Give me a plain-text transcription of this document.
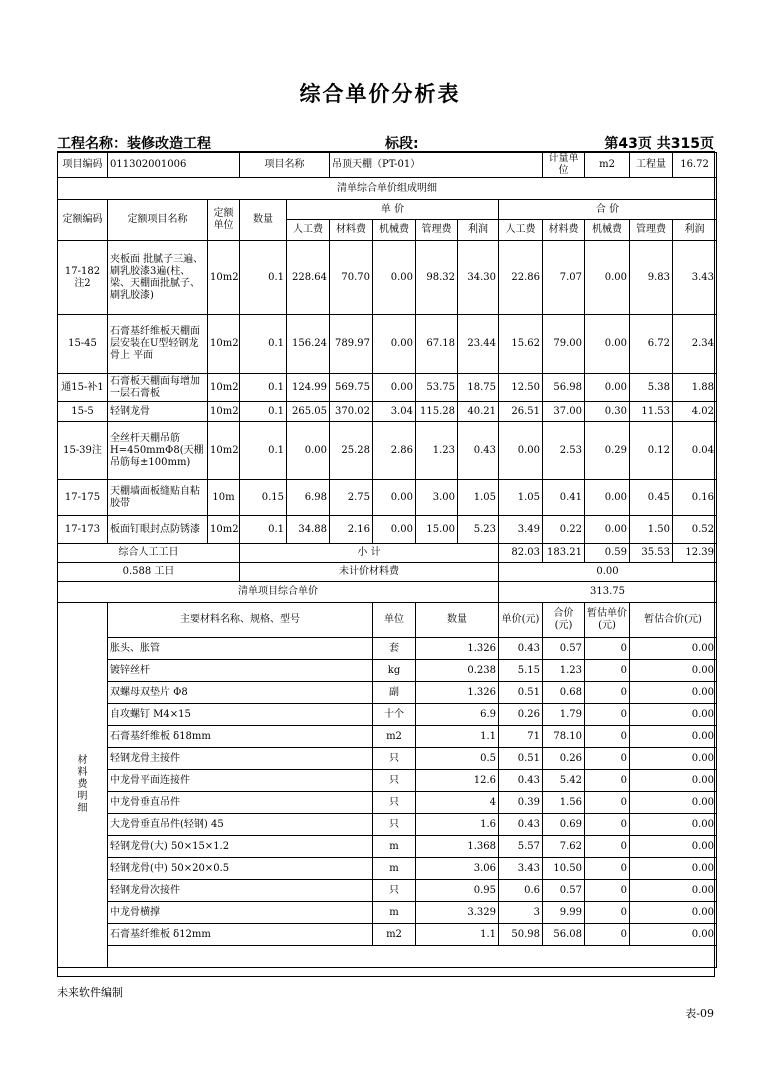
综合单价分析表
工程名称：装修改造工程	标段:	第43页 共315页
项目编码	011302001006		项目名称		吊顶天棚（PT-01）					计量单位	m2	工程量	16.72
清单综合单价组成明细													
定额编码	定额项目名称	定额单位	数量	单 价					合 价				
				人工费	材料费	机械费	管理费	利润	人工费	材料费	机械费	管理费	利润
17-182注2	夹板面 批腻子三遍、刷乳胶漆3遍(柱、梁、天棚面批腻子、刷乳胶漆)	10m2	0.1	228.64	70.70	0.00	98.32	34.30	22.86	7.07	0.00	9.83	3.43
15-45	石膏基纤维板天棚面层安装在U型轻钢龙骨上 平面	10m2	0.1	156.24	789.97	0.00	67.18	23.44	15.62	79.00	0.00	6.72	2.34
通15-补1	石膏板天棚面每增加一层石膏板	10m2	0.1	124.99	569.75	0.00	53.75	18.75	12.50	56.98	0.00	5.38	1.88
15-5	轻钢龙骨	10m2	0.1	265.05	370.02	3.04	115.28	40.21	26.51	37.00	0.30	11.53	4.02
15-39注	全丝杆天棚吊筋H=450mmΦ8(天棚吊筋每±100mm)	10m2	0.1	0.00	25.28	2.86	1.23	0.43	0.00	2.53	0.29	0.12	0.04
17-175	天棚墙面板缝贴自粘胶带	10m	0.15	6.98	2.75	0.00	3.00	1.05	1.05	0.41	0.00	0.45	0.16
17-173	板面钉眼封点防锈漆	10m2	0.1	34.88	2.16	0.00	15.00	5.23	3.49	0.22	0.00	1.50	0.52
综合人工工日			小 计						82.03	183.21	0.59	35.53	12.39
0.588 工日			未计价材料费						0.00				
清单项目综合单价									313.75				
材料费明细	主要材料名称、规格、型号					单位	数量		单价(元)	合价(元)	暂估单价(元)	暂估合价(元)	
	胀头、胀管					套	1.326		0.43	0.57	0	0.00	
	镀锌丝杆					kg	0.238		5.15	1.23	0	0.00	
	双螺母双垫片 Φ8					副	1.326		0.51	0.68	0	0.00	
	自攻螺钉 M4×15					十个	6.9		0.26	1.79	0	0.00	
	石膏基纤维板 δ18mm					m2	1.1		71	78.10	0	0.00	
	轻钢龙骨主接件					只	0.5		0.51	0.26	0	0.00	
	中龙骨平面连接件					只	12.6		0.43	5.42	0	0.00	
	中龙骨垂直吊件					只	4		0.39	1.56	0	0.00	
	大龙骨垂直吊件(轻钢) 45					只	1.6		0.43	0.69	0	0.00	
	轻钢龙骨(大) 50×15×1.2					m	1.368		5.57	7.62	0	0.00	
	轻钢龙骨(中) 50×20×0.5					m	3.06		3.43	10.50	0	0.00	
	轻钢龙骨次接件					只	0.95		0.6	0.57	0	0.00	
	中龙骨横撑					m	3.329		3	9.99	0	0.00	
	石膏基纤维板 δ12mm					m2	1.1		50.98	56.08	0	0.00	

未来软件编制
表-09
